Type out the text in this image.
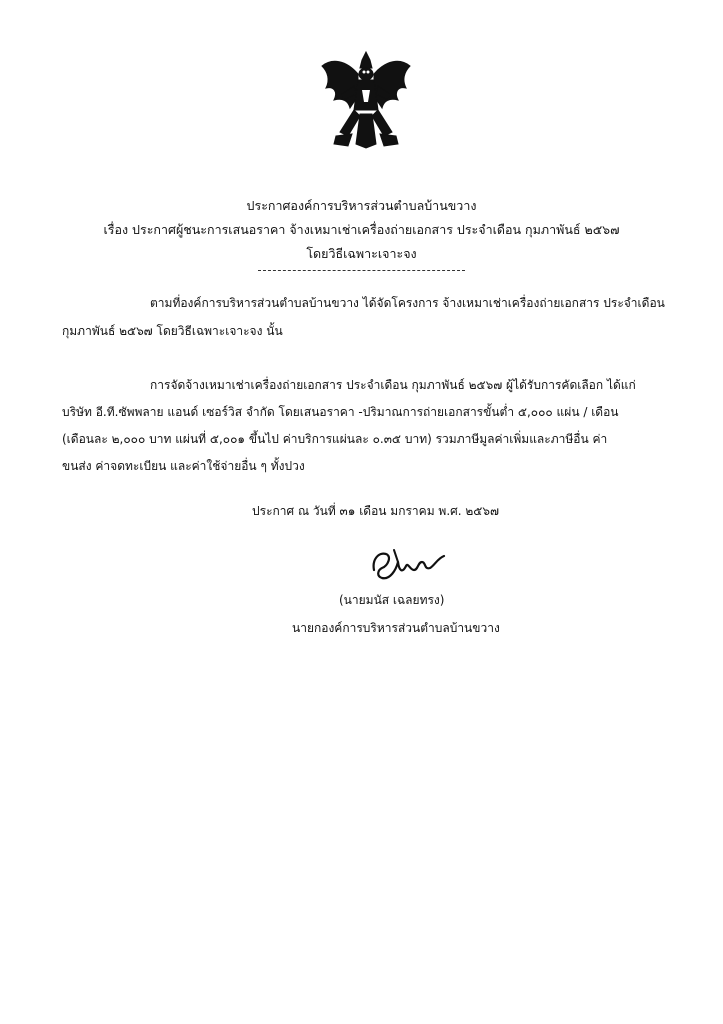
ประกาศองค์การบริหารส่วนตำบลบ้านขวาง
เรื่อง ประกาศผู้ชนะการเสนอราคา จ้างเหมาเช่าเครื่องถ่ายเอกสาร ประจำเดือน กุมภาพันธ์ ๒๕๖๗
โดยวิธีเฉพาะเจาะจง
ตามที่องค์การบริหารส่วนตำบลบ้านขวาง ได้จัดโครงการ จ้างเหมาเช่าเครื่องถ่ายเอกสาร ประจำเดือน
กุมภาพันธ์ ๒๕๖๗ โดยวิธีเฉพาะเจาะจง นั้น
การจัดจ้างเหมาเช่าเครื่องถ่ายเอกสาร ประจำเดือน กุมภาพันธ์ ๒๕๖๗ ผู้ได้รับการคัดเลือก ได้แก่
บริษัท อี.ที.ซัพพลาย แอนด์ เซอร์วิส จำกัด โดยเสนอราคา -ปริมาณการถ่ายเอกสารขั้นต่ำ ๕,๐๐๐ แผ่น / เดือน
(เดือนละ ๒,๐๐๐ บาท แผ่นที่ ๕,๐๐๑ ขึ้นไป ค่าบริการแผ่นละ ๐.๓๕ บาท) รวมภาษีมูลค่าเพิ่มและภาษีอื่น ค่า
ขนส่ง ค่าจดทะเบียน และค่าใช้จ่ายอื่น ๆ ทั้งปวง
ประกาศ ณ วันที่ ๓๑ เดือน มกราคม พ.ศ. ๒๕๖๗
(นายมนัส เฉลยทรง)
นายกองค์การบริหารส่วนตำบลบ้านขวาง
